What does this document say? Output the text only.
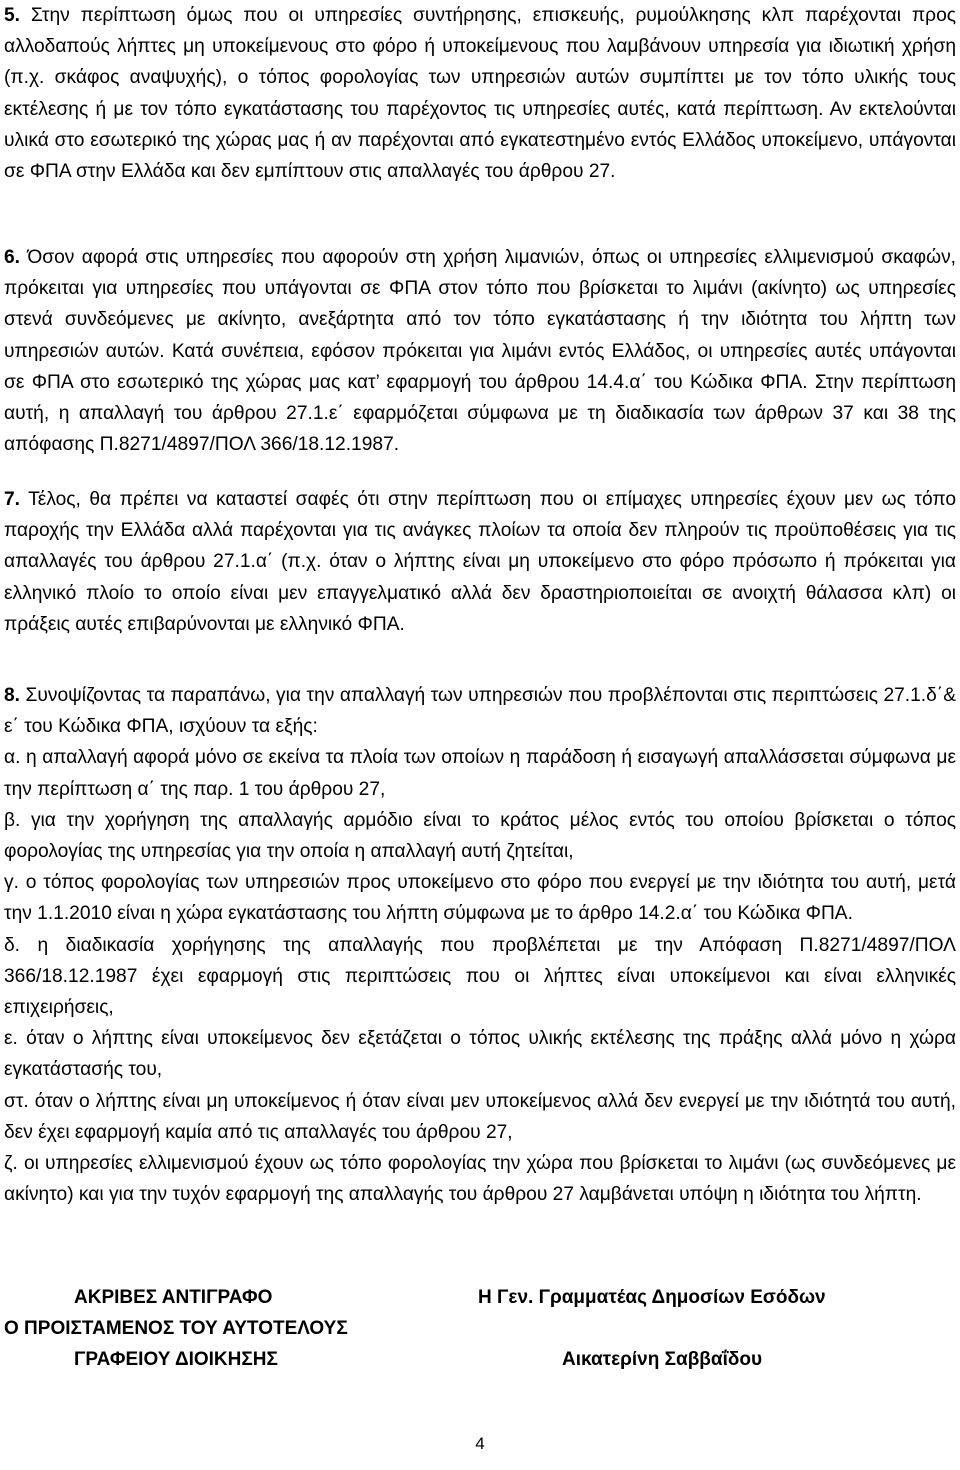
5. Στην περίπτωση όμως που οι υπηρεσίες συντήρησης, επισκευής, ρυμούλκησης κλπ παρέχονται προς αλλοδαπούς λήπτες μη υποκείμενους στο φόρο ή υποκείμενους που λαμβάνουν υπηρεσία για ιδιωτική χρήση (π.χ. σκάφος αναψυχής), ο τόπος φορολογίας των υπηρεσιών αυτών συμπίπτει με τον τόπο υλικής τους εκτέλεσης ή με τον τόπο εγκατάστασης του παρέχοντος τις υπηρεσίες αυτές, κατά περίπτωση. Αν εκτελούνται υλικά στο εσωτερικό της χώρας μας ή αν παρέχονται από εγκατεστημένο εντός Ελλάδος υποκείμενο, υπάγονται σε ΦΠΑ στην Ελλάδα και δεν εμπίπτουν στις απαλλαγές του άρθρου 27.

6. Όσον αφορά στις υπηρεσίες που αφορούν στη χρήση λιμανιών, όπως οι υπηρεσίες ελλιμενισμού σκαφών, πρόκειται για υπηρεσίες που υπάγονται σε ΦΠΑ στον τόπο που βρίσκεται το λιμάνι (ακίνητο) ως υπηρεσίες στενά συνδεόμενες με ακίνητο, ανεξάρτητα από τον τόπο εγκατάστασης ή την ιδιότητα του λήπτη των υπηρεσιών αυτών. Κατά συνέπεια, εφόσον πρόκειται για λιμάνι εντός Ελλάδος, οι υπηρεσίες αυτές υπάγονται σε ΦΠΑ στο εσωτερικό της χώρας μας κατ’ εφαρμογή του άρθρου 14.4.α΄ του Κώδικα ΦΠΑ. Στην περίπτωση αυτή, η απαλλαγή του άρθρου 27.1.ε΄ εφαρμόζεται σύμφωνα με τη διαδικασία των άρθρων 37 και 38 της απόφασης Π.8271/4897/ΠΟΛ 366/18.12.1987.

7. Τέλος, θα πρέπει να καταστεί σαφές ότι στην περίπτωση που οι επίμαχες υπηρεσίες έχουν μεν ως τόπο παροχής την Ελλάδα αλλά παρέχονται για τις ανάγκες πλοίων τα οποία δεν πληρούν τις προϋποθέσεις για τις απαλλαγές του άρθρου 27.1.α΄ (π.χ. όταν ο λήπτης είναι μη υποκείμενο στο φόρο πρόσωπο ή πρόκειται για ελληνικό πλοίο το οποίο είναι μεν επαγγελματικό αλλά δεν δραστηριοποιείται σε ανοιχτή θάλασσα κλπ) οι πράξεις αυτές επιβαρύνονται με ελληνικό ΦΠΑ.

8. Συνοψίζοντας τα παραπάνω, για την απαλλαγή των υπηρεσιών που προβλέπονται στις περιπτώσεις 27.1.δ΄& ε΄ του Κώδικα ΦΠΑ, ισχύουν τα εξής:
α. η απαλλαγή αφορά μόνο σε εκείνα τα πλοία των οποίων η παράδοση ή εισαγωγή απαλλάσσεται σύμφωνα με την περίπτωση α΄ της παρ. 1 του άρθρου 27,
β. για την χορήγηση της απαλλαγής αρμόδιο είναι το κράτος μέλος εντός του οποίου βρίσκεται ο τόπος φορολογίας της υπηρεσίας για την οποία η απαλλαγή αυτή ζητείται,
γ. ο τόπος φορολογίας των υπηρεσιών προς υποκείμενο στο φόρο που ενεργεί με την ιδιότητα του αυτή, μετά την 1.1.2010 είναι η χώρα εγκατάστασης του λήπτη σύμφωνα με το άρθρο 14.2.α΄ του Κώδικα ΦΠΑ.
δ. η διαδικασία χορήγησης της απαλλαγής που προβλέπεται με την Απόφαση Π.8271/4897/ΠΟΛ 366/18.12.1987 έχει εφαρμογή στις περιπτώσεις που οι λήπτες είναι υποκείμενοι και είναι ελληνικές επιχειρήσεις,
ε. όταν ο λήπτης είναι υποκείμενος δεν εξετάζεται ο τόπος υλικής εκτέλεσης της πράξης αλλά μόνο η χώρα εγκατάστασής του,
στ. όταν ο λήπτης είναι μη υποκείμενος ή όταν είναι μεν υποκείμενος αλλά δεν ενεργεί με την ιδιότητά του αυτή, δεν έχει εφαρμογή καμία από τις απαλλαγές του άρθρου 27,
ζ. οι υπηρεσίες ελλιμενισμού έχουν ως τόπο φορολογίας την χώρα που βρίσκεται το λιμάνι (ως συνδεόμενες με ακίνητο) και για την τυχόν εφαρμογή της απαλλαγής του άρθρου 27 λαμβάνεται υπόψη η ιδιότητα του λήπτη.
ΑΚΡΙΒΕΣ ΑΝΤΙΓΡΑΦΟ
Ο ΠΡΟΙΣΤΑΜΕΝΟΣ ΤΟΥ ΑΥΤΟΤΕΛΟΥΣ
ΓΡΑΦΕΙΟΥ ΔΙΟΙΚΗΣΗΣ
Η Γεν. Γραμματέας Δημοσίων Εσόδων
Αικατερίνη Σαββαΐδου
4
